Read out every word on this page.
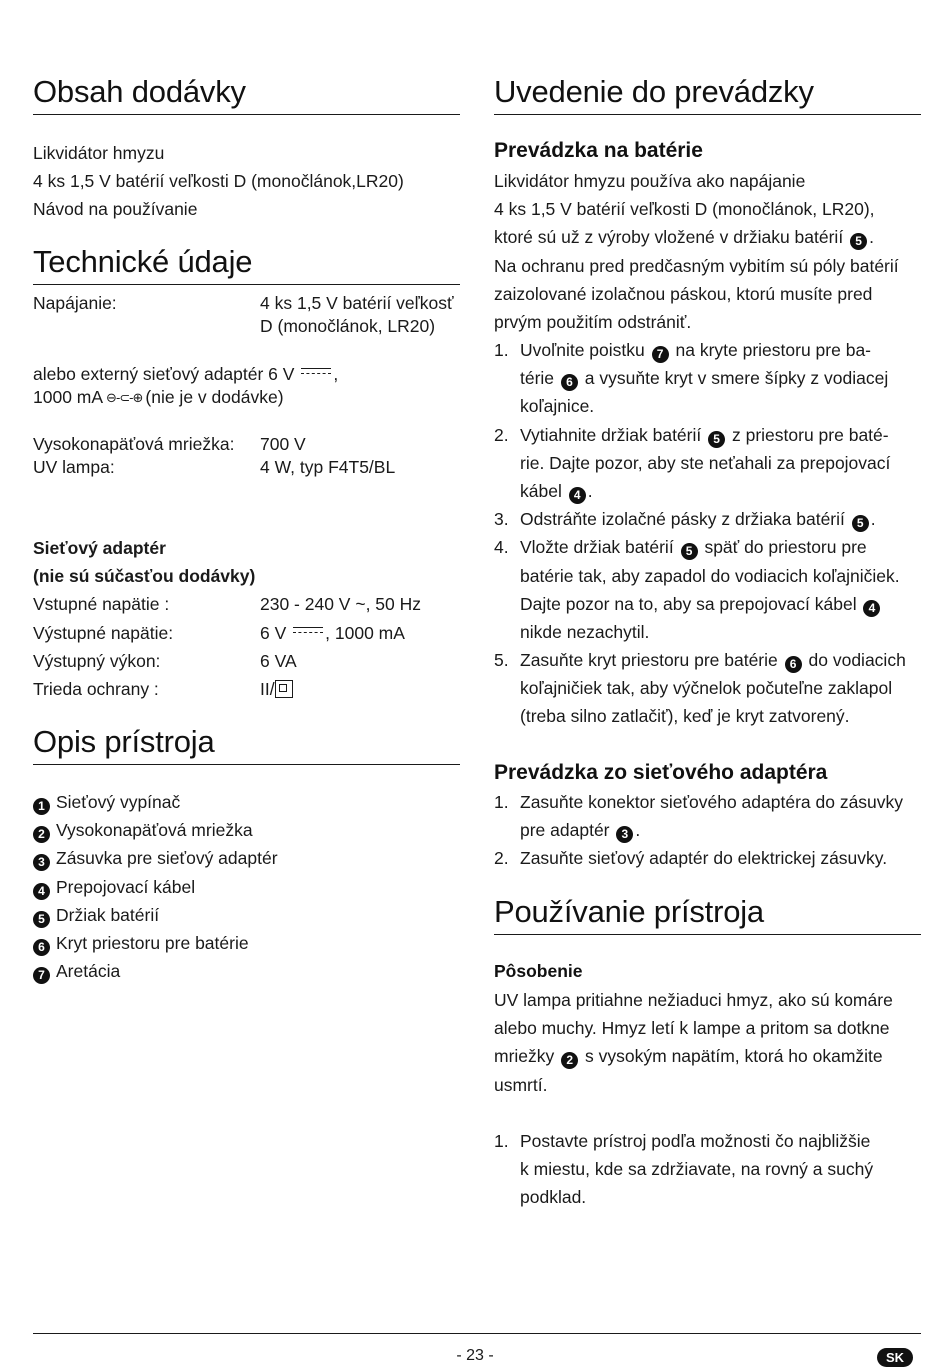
Obsah dodávky
Likvidátor hmyzu
4 ks 1,5 V batérií veľkosti D (monočlánok,LR20)
Návod na používanie
Technické údaje
Napájanie:	4 ks 1,5 V batérií veľkosť
D (monočlánok, LR20)
alebo externý sieťový adaptér 6 V ,
1000 mA ⊖-⊂-⊕ (nie je v dodávke)
Vysokonapäťová mriežka: 700 V
UV lampa:	4 W, typ F4T5/BL
Sieťový adaptér
(nie sú súčasťou dodávky)
Vstupné napätie :	230 - 240 V ~, 50 Hz
Výstupné napätie:	6 V , 1000 mA
Výstupný výkon:	6 VA
Trieda ochrany :	II/
Opis prístroja
1 Sieťový vypínač
2 Vysokonapäťová mriežka
3 Zásuvka pre sieťový adaptér
4 Prepojovací kábel
5 Držiak batérií
6 Kryt priestoru pre batérie
7 Aretácia
Uvedenie do prevádzky
Prevádzka na batérie
Likvidátor hmyzu používa ako napájanie
4 ks 1,5 V batérií veľkosti D (monočlánok, LR20),
ktoré sú už z výroby vložené v držiaku batérií 5 .
Na ochranu pred predčasným vybitím sú póly batérií
zaizolované izolačnou páskou, ktorú musíte pred
prvým použitím odstrániť.
1. Uvoľnite poistku 7 na kryte priestoru pre ba-
térie 6 a vysuňte kryt v smere šípky z vodiacej
koľajnice.
2. Vytiahnite držiak batérií 5 z priestoru pre baté-
rie. Dajte pozor, aby ste neťahali za prepojovací
kábel 4 .
3. Odstráňte izolačné pásky z držiaka batérií 5 .
4. Vložte držiak batérií 5 späť do priestoru pre
batérie tak, aby zapadol do vodiacich koľajničiek.
Dajte pozor na to, aby sa prepojovací kábel 4
nikde nezachytil.
5. Zasuňte kryt priestoru pre batérie 6 do vodiacich
koľajničiek tak, aby výčnelok počuteľne zaklapol
(treba silno zatlačiť), keď je kryt zatvorený.
Prevádzka zo sieťového adaptéra
1. Zasuňte konektor sieťového adaptéra do zásuvky
pre adaptér 3 .
2. Zasuňte sieťový adaptér do elektrickej zásuvky.
Používanie prístroja
Pôsobenie
UV lampa pritiahne nežiaduci hmyz, ako sú komáre
alebo muchy. Hmyz letí k lampe a pritom sa dotkne
mriežky 2 s vysokým napätím, ktorá ho okamžite
usmrtí.
1. Postavte prístroj podľa možnosti čo najbližšie
k miestu, kde sa zdržiavate, na rovný a suchý
podklad.
- 23 -	SK
